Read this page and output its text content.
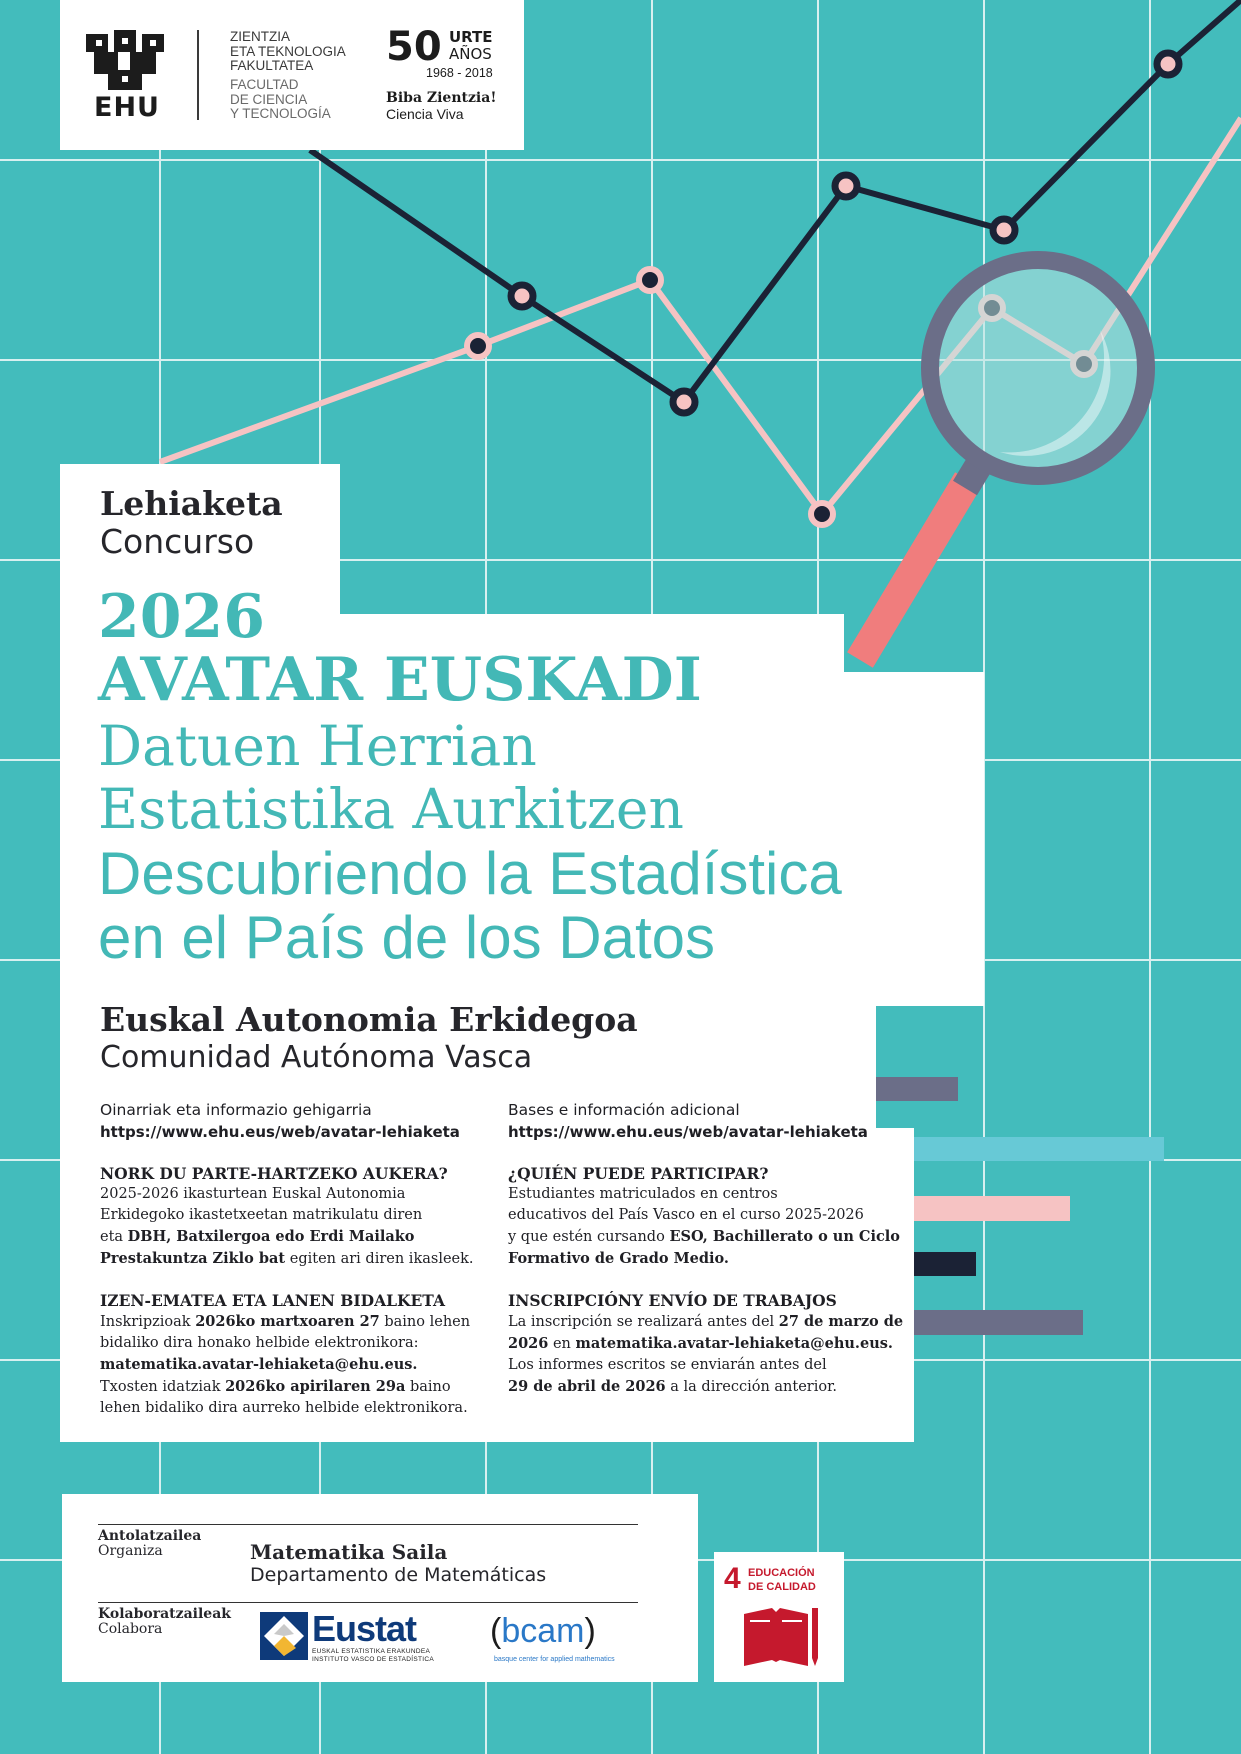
EHU
ZIENTZIA
ETA TEKNOLOGIA
FAKULTATEA
FACULTAD
DE CIENCIA
Y TECNOLOGÍA
50 URTE
AÑOS
1968 - 2018
Biba Zientzia!
Ciencia Viva
Lehiaketa
Concurso
2026
AVATAR EUSKADI
Datuen Herrian
Estatistika Aurkitzen
Descubriendo la Estadística
en el País de los Datos
Euskal Autonomia Erkidegoa
Comunidad Autónoma Vasca
Oinarriak eta informazio gehigarria
https://www.ehu.eus/web/avatar-lehiaketa
NORK DU PARTE-HARTZEKO AUKERA?

2025-2026 ikasturtean Euskal Autonomia

Erkidegoko ikastetxeetan matrikulatu diren

eta DBH, Batxilergoa edo Erdi Mailako

Prestakuntza Ziklo bat egiten ari diren ikasleek.

IZEN-EMATEA ETA LANEN BIDALKETA

Inskripzioak 2026ko martxoaren 27 baino lehen

bidaliko dira honako helbide elektronikora:

matematika.avatar-lehiaketa@ehu.eus.

Txosten idatziak 2026ko apirilaren 29a baino

lehen bidaliko dira aurreko helbide elektronikora.

Bases e información adicional
https://www.ehu.eus/web/avatar-lehiaketa
¿QUIÉN PUEDE PARTICIPAR?

Estudiantes matriculados en centros

educativos del País Vasco en el curso 2025-2026

y que estén cursando ESO, Bachillerato o un Ciclo

Formativo de Grado Medio.

INSCRIPCIÓNY ENVÍO DE TRABAJOS

La inscripción se realizará antes del 27 de marzo de

2026 en matematika.avatar-lehiaketa@ehu.eus.

Los informes escritos se enviarán antes del

29 de abril de 2026 a la dirección anterior.

Antolatzailea
Organiza	Matematika Saila
Departamento de Matemáticas
Kolaboratzaileak
Colabora	Eustat
EUSKAL ESTATISTIKA ERAKUNDEA
INSTITUTO VASCO DE ESTADÍSTICA
(bcam)
basque center for applied mathematics
4 EDUCACIÓN
DE CALIDAD
